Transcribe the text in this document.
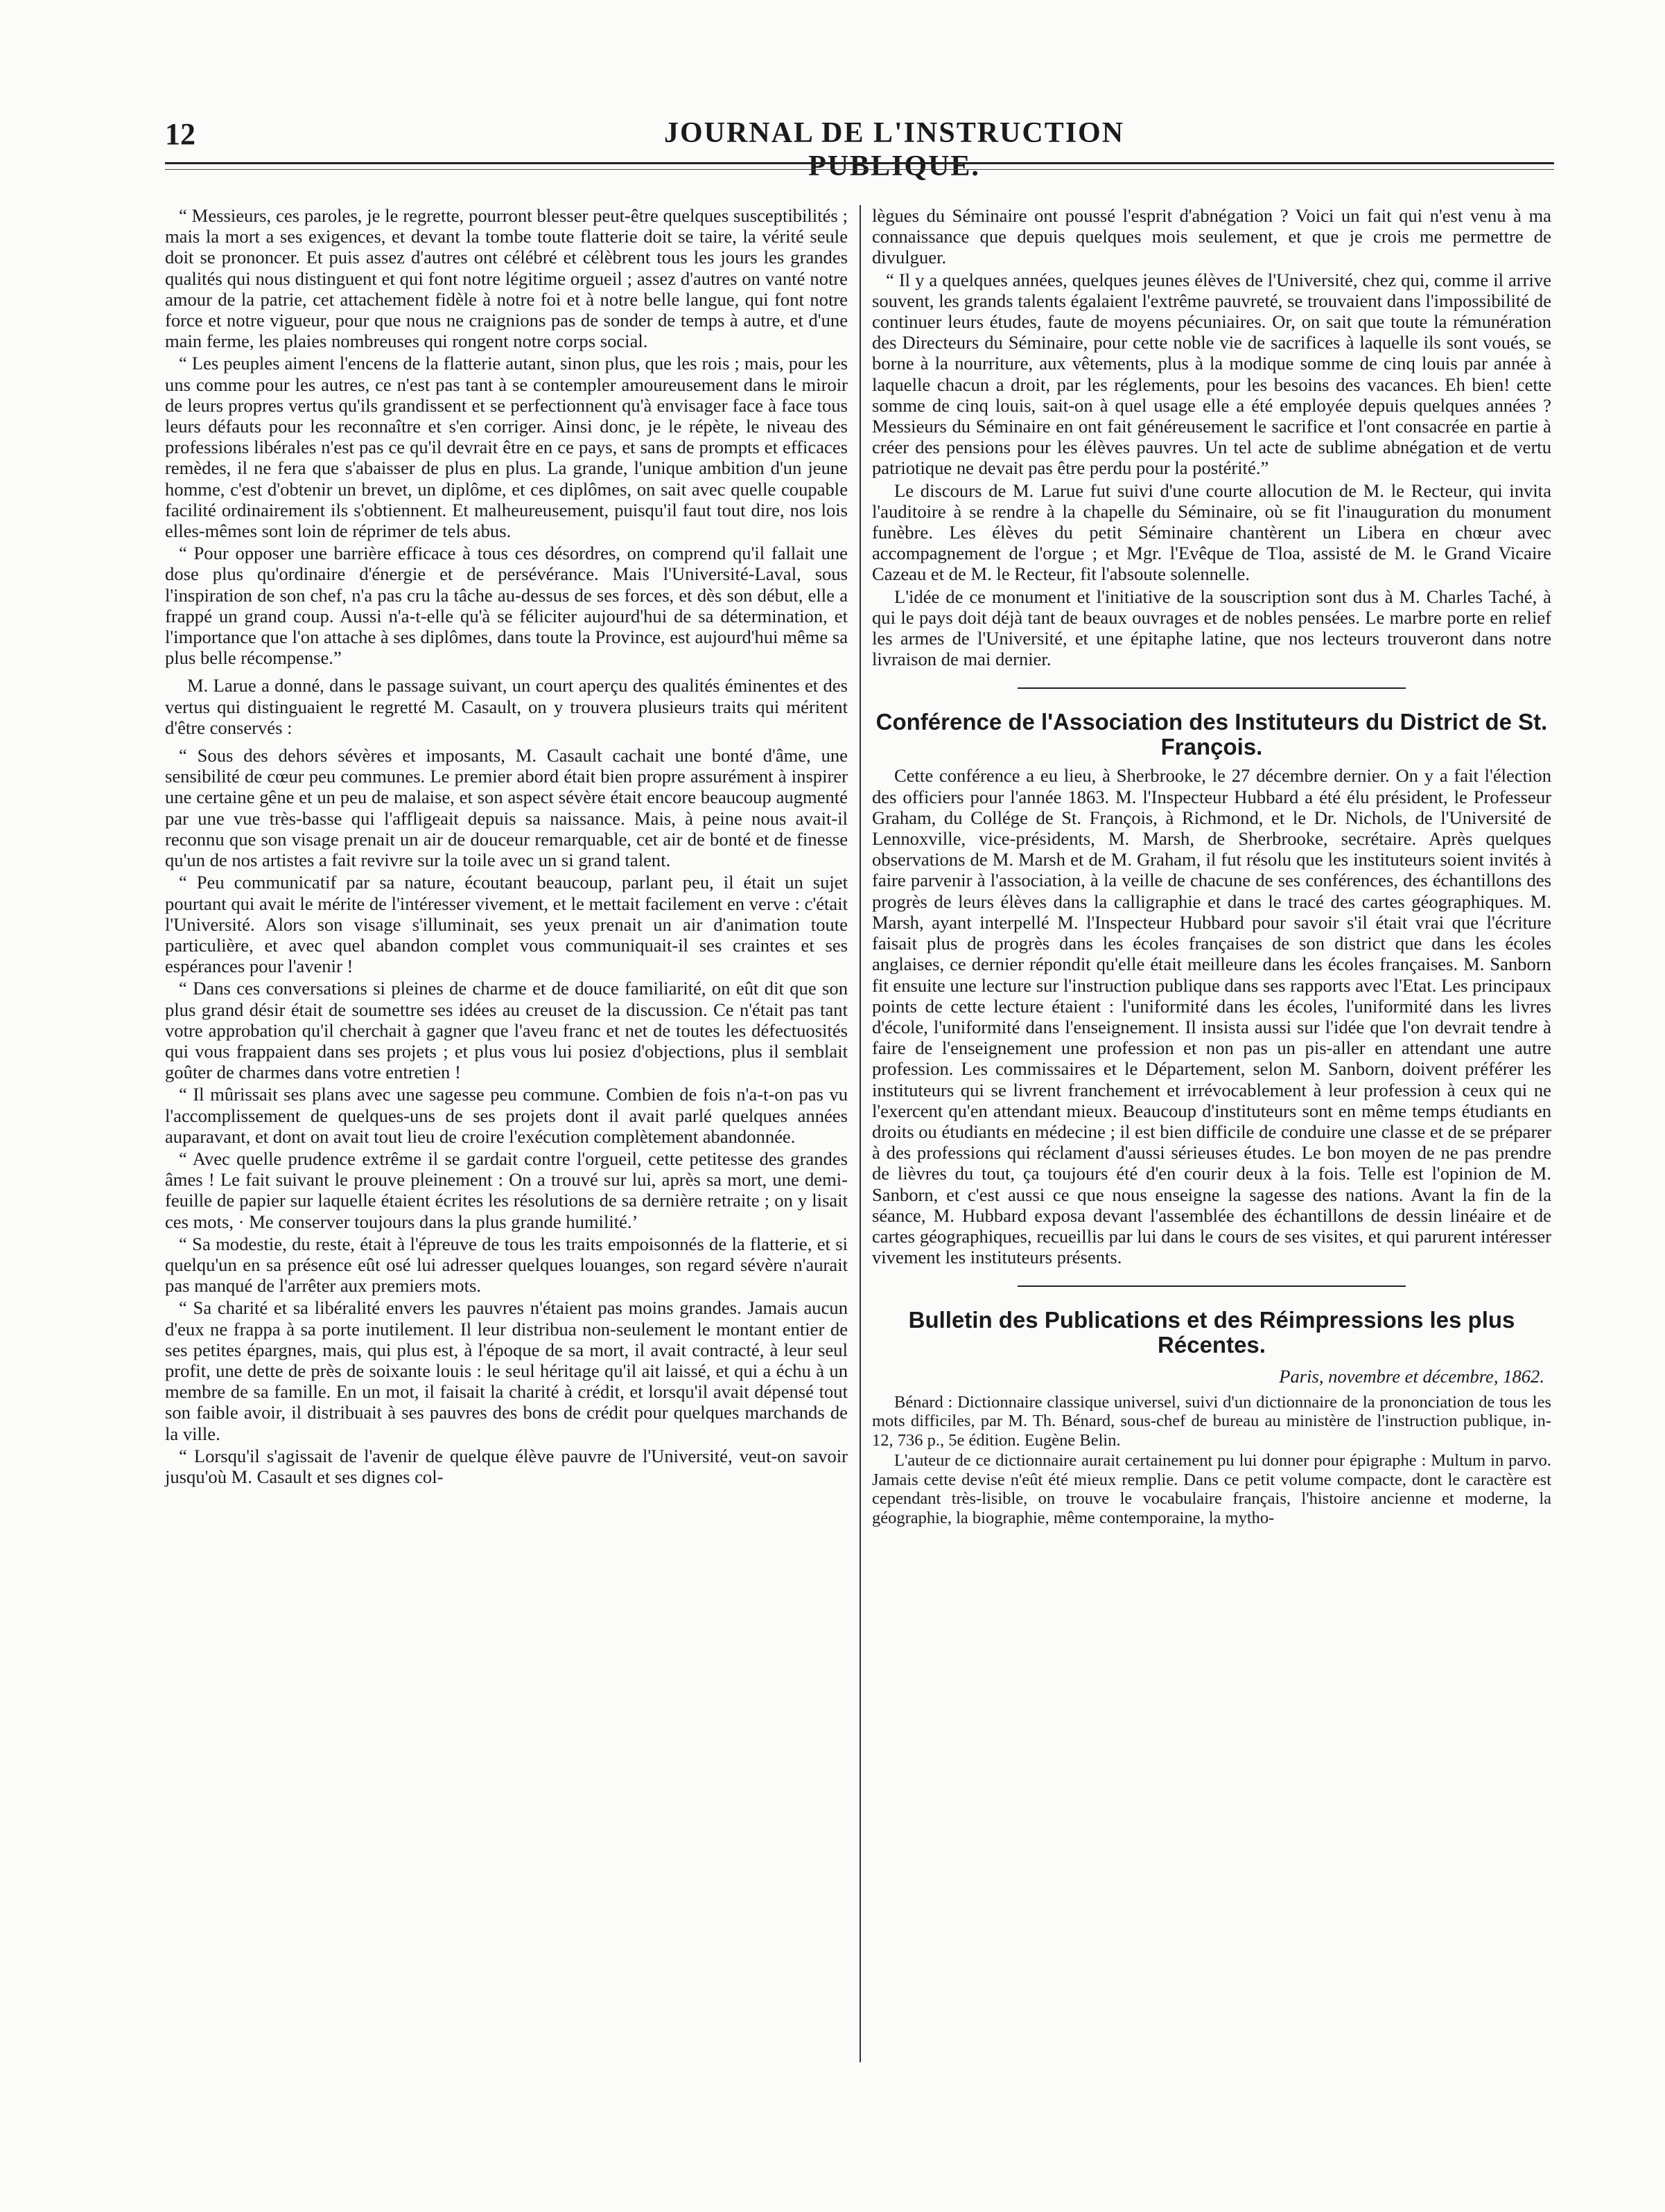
12	JOURNAL DE L'INSTRUCTION PUBLIQUE.

“ Messieurs, ces paroles, je le regrette, pourront blesser peut-être quelques susceptibilités ; mais la mort a ses exigences, et devant la tombe toute flatterie doit se taire, la vérité seule doit se prononcer. Et puis assez d'autres ont célébré et célèbrent tous les jours les grandes qualités qui nous distinguent et qui font notre légitime orgueil ; assez d'autres on vanté notre amour de la patrie, cet attachement fidèle à notre foi et à notre belle langue, qui font notre force et notre vigueur, pour que nous ne craignions pas de sonder de temps à autre, et d'une main ferme, les plaies nombreuses qui rongent notre corps social.

“ Les peuples aiment l'encens de la flatterie autant, sinon plus, que les rois ; mais, pour les uns comme pour les autres, ce n'est pas tant à se contempler amoureusement dans le miroir de leurs propres vertus qu'ils grandissent et se perfectionnent qu'à envisager face à face tous leurs défauts pour les reconnaître et s'en corriger. Ainsi donc, je le répète, le niveau des professions libérales n'est pas ce qu'il devrait être en ce pays, et sans de prompts et efficaces remèdes, il ne fera que s'abaisser de plus en plus. La grande, l'unique ambition d'un jeune homme, c'est d'obtenir un brevet, un diplôme, et ces diplômes, on sait avec quelle coupable facilité ordinairement ils s'obtiennent. Et malheureusement, puisqu'il faut tout dire, nos lois elles-mêmes sont loin de réprimer de tels abus.

“ Pour opposer une barrière efficace à tous ces désordres, on comprend qu'il fallait une dose plus qu'ordinaire d'énergie et de persévérance. Mais l'Université-Laval, sous l'inspiration de son chef, n'a pas cru la tâche au-dessus de ses forces, et dès son début, elle a frappé un grand coup. Aussi n'a-t-elle qu'à se féliciter aujourd'hui de sa détermination, et l'importance que l'on attache à ses diplômes, dans toute la Province, est aujourd'hui même sa plus belle récompense.”

M. Larue a donné, dans le passage suivant, un court aperçu des qualités éminentes et des vertus qui distinguaient le regretté M. Casault, on y trouvera plusieurs traits qui méritent d'être conservés :

“ Sous des dehors sévères et imposants, M. Casault cachait une bonté d'âme, une sensibilité de cœur peu communes. Le premier abord était bien propre assurément à inspirer une certaine gêne et un peu de malaise, et son aspect sévère était encore beaucoup augmenté par une vue très-basse qui l'affligeait depuis sa naissance. Mais, à peine nous avait-il reconnu que son visage prenait un air de douceur remarquable, cet air de bonté et de finesse qu'un de nos artistes a fait revivre sur la toile avec un si grand talent.

“ Peu communicatif par sa nature, écoutant beaucoup, parlant peu, il était un sujet pourtant qui avait le mérite de l'intéresser vivement, et le mettait facilement en verve : c'était l'Université. Alors son visage s'illuminait, ses yeux prenait un air d'animation toute particulière, et avec quel abandon complet vous communiquait-il ses craintes et ses espérances pour l'avenir !

“ Dans ces conversations si pleines de charme et de douce familiarité, on eût dit que son plus grand désir était de soumettre ses idées au creuset de la discussion. Ce n'était pas tant votre approbation qu'il cherchait à gagner que l'aveu franc et net de toutes les défectuosités qui vous frappaient dans ses projets ; et plus vous lui posiez d'objections, plus il semblait goûter de charmes dans votre entretien !

“ Il mûrissait ses plans avec une sagesse peu commune. Combien de fois n'a-t-on pas vu l'accomplissement de quelques-uns de ses projets dont il avait parlé quelques années auparavant, et dont on avait tout lieu de croire l'exécution complètement abandonnée.

“ Avec quelle prudence extrême il se gardait contre l'orgueil, cette petitesse des grandes âmes ! Le fait suivant le prouve pleinement : On a trouvé sur lui, après sa mort, une demi-feuille de papier sur laquelle étaient écrites les résolutions de sa dernière retraite ; on y lisait ces mots, · Me conserver toujours dans la plus grande humilité.’

“ Sa modestie, du reste, était à l'épreuve de tous les traits empoisonnés de la flatterie, et si quelqu'un en sa présence eût osé lui adresser quelques louanges, son regard sévère n'aurait pas manqué de l'arrêter aux premiers mots.

“ Sa charité et sa libéralité envers les pauvres n'étaient pas moins grandes. Jamais aucun d'eux ne frappa à sa porte inutilement. Il leur distribua non-seulement le montant entier de ses petites épargnes, mais, qui plus est, à l'époque de sa mort, il avait contracté, à leur seul profit, une dette de près de soixante louis : le seul héritage qu'il ait laissé, et qui a échu à un membre de sa famille. En un mot, il faisait la charité à crédit, et lorsqu'il avait dépensé tout son faible avoir, il distribuait à ses pauvres des bons de crédit pour quelques marchands de la ville.

“ Lorsqu'il s'agissait de l'avenir de quelque élève pauvre de l'Université, veut-on savoir jusqu'où M. Casault et ses dignes col-

lègues du Séminaire ont poussé l'esprit d'abnégation ? Voici un fait qui n'est venu à ma connaissance que depuis quelques mois seulement, et que je crois me permettre de divulguer.

“ Il y a quelques années, quelques jeunes élèves de l'Université, chez qui, comme il arrive souvent, les grands talents égalaient l'extrême pauvreté, se trouvaient dans l'impossibilité de continuer leurs études, faute de moyens pécuniaires. Or, on sait que toute la rémunération des Directeurs du Séminaire, pour cette noble vie de sacrifices à laquelle ils sont voués, se borne à la nourriture, aux vêtements, plus à la modique somme de cinq louis par année à laquelle chacun a droit, par les réglements, pour les besoins des vacances. Eh bien! cette somme de cinq louis, sait-on à quel usage elle a été employée depuis quelques années ? Messieurs du Séminaire en ont fait généreusement le sacrifice et l'ont consacrée en partie à créer des pensions pour les élèves pauvres. Un tel acte de sublime abnégation et de vertu patriotique ne devait pas être perdu pour la postérité.”

Le discours de M. Larue fut suivi d'une courte allocution de M. le Recteur, qui invita l'auditoire à se rendre à la chapelle du Séminaire, où se fit l'inauguration du monument funèbre. Les élèves du petit Séminaire chantèrent un Libera en chœur avec accompagnement de l'orgue ; et Mgr. l'Evêque de Tloa, assisté de M. le Grand Vicaire Cazeau et de M. le Recteur, fit l'absoute solennelle.

L'idée de ce monument et l'initiative de la souscription sont dus à M. Charles Taché, à qui le pays doit déjà tant de beaux ouvrages et de nobles pensées. Le marbre porte en relief les armes de l'Université, et une épitaphe latine, que nos lecteurs trouveront dans notre livraison de mai dernier.

Conférence de l'Association des Instituteurs du District de St. François.

Cette conférence a eu lieu, à Sherbrooke, le 27 décembre dernier. On y a fait l'élection des officiers pour l'année 1863. M. l'Inspecteur Hubbard a été élu président, le Professeur Graham, du Collége de St. François, à Richmond, et le Dr. Nichols, de l'Université de Lennoxville, vice-présidents, M. Marsh, de Sherbrooke, secrétaire. Après quelques observations de M. Marsh et de M. Graham, il fut résolu que les instituteurs soient invités à faire parvenir à l'association, à la veille de chacune de ses conférences, des échantillons des progrès de leurs élèves dans la calligraphie et dans le tracé des cartes géographiques. M. Marsh, ayant interpellé M. l'Inspecteur Hubbard pour savoir s'il était vrai que l'écriture faisait plus de progrès dans les écoles françaises de son district que dans les écoles anglaises, ce dernier répondit qu'elle était meilleure dans les écoles françaises. M. Sanborn fit ensuite une lecture sur l'instruction publique dans ses rapports avec l'Etat. Les principaux points de cette lecture étaient : l'uniformité dans les écoles, l'uniformité dans les livres d'école, l'uniformité dans l'enseignement. Il insista aussi sur l'idée que l'on devrait tendre à faire de l'enseignement une profession et non pas un pis-aller en attendant une autre profession. Les commissaires et le Département, selon M. Sanborn, doivent préférer les instituteurs qui se livrent franchement et irrévocablement à leur profession à ceux qui ne l'exercent qu'en attendant mieux. Beaucoup d'instituteurs sont en même temps étudiants en droits ou étudiants en médecine ; il est bien difficile de conduire une classe et de se préparer à des professions qui réclament d'aussi sérieuses études. Le bon moyen de ne pas prendre de lièvres du tout, ça toujours été d'en courir deux à la fois. Telle est l'opinion de M. Sanborn, et c'est aussi ce que nous enseigne la sagesse des nations. Avant la fin de la séance, M. Hubbard exposa devant l'assemblée des échantillons de dessin linéaire et de cartes géographiques, recueillis par lui dans le cours de ses visites, et qui parurent intéresser vivement les instituteurs présents.

Bulletin des Publications et des Réimpressions les plus Récentes.
Paris, novembre et décembre, 1862.

Bénard : Dictionnaire classique universel, suivi d'un dictionnaire de la prononciation de tous les mots difficiles, par M. Th. Bénard, sous-chef de bureau au ministère de l'instruction publique, in-12, 736 p., 5e édition. Eugène Belin.

L'auteur de ce dictionnaire aurait certainement pu lui donner pour épigraphe : Multum in parvo. Jamais cette devise n'eût été mieux remplie. Dans ce petit volume compacte, dont le caractère est cependant très-lisible, on trouve le vocabulaire français, l'histoire ancienne et moderne, la géographie, la biographie, même contemporaine, la mytho-
